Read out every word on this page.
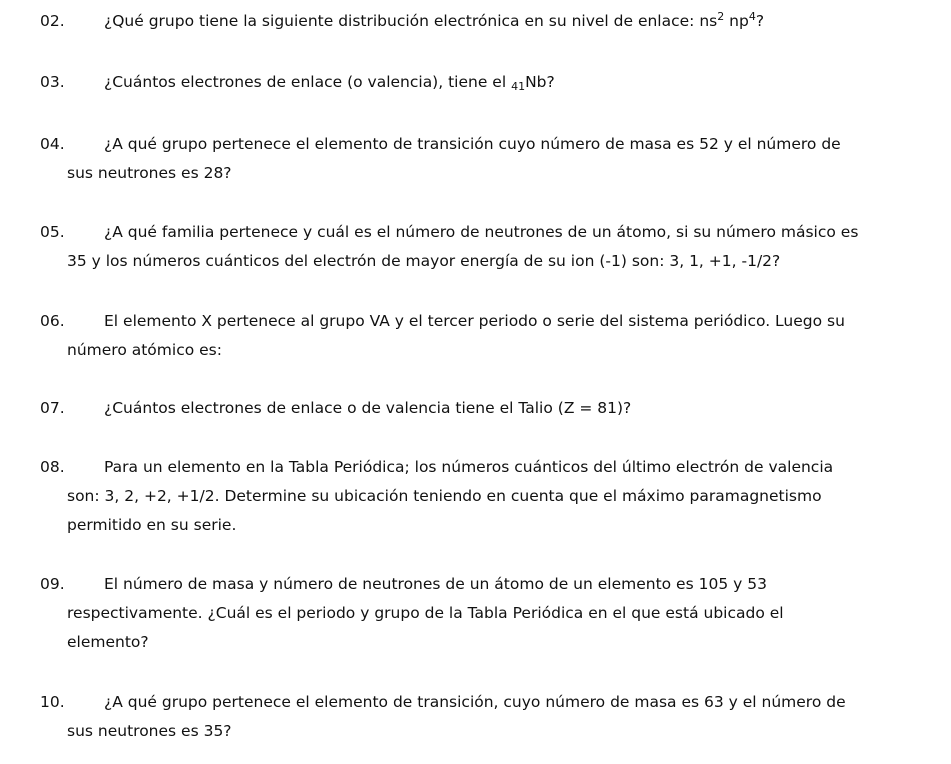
02.	¿Qué grupo tiene la siguiente distribución electrónica en su nivel de enlace: $ns^2$ $np^4$?
03.	¿Cuántos electrones de enlace (o valencia), tiene el $_{41}$Nb?
04.	¿A qué grupo pertenece el elemento de transición cuyo número de masa es 52 y el número de
sus neutrones es 28?
05.	¿A qué familia pertenece y cuál es el número de neutrones de un átomo, si su número másico es
35 y los números cuánticos del electrón de mayor energía de su ion (-1) son: 3, 1, +1, -1/2?
06.	El elemento X pertenece al grupo VA y el tercer periodo o serie del sistema periódico. Luego su
número atómico es:
07.	¿Cuántos electrones de enlace o de valencia tiene el Talio (Z = 81)?
08.	Para un elemento en la Tabla Periódica; los números cuánticos del último electrón de valencia
son: 3, 2, +2, +1/2. Determine su ubicación teniendo en cuenta que el máximo paramagnetismo
permitido en su serie.
09.	El número de masa y número de neutrones de un átomo de un elemento es 105 y 53
respectivamente. ¿Cuál es el periodo y grupo de la Tabla Periódica en el que está ubicado el
elemento?
10.	¿A qué grupo pertenece el elemento de transición, cuyo número de masa es 63 y el número de
sus neutrones es 35?
